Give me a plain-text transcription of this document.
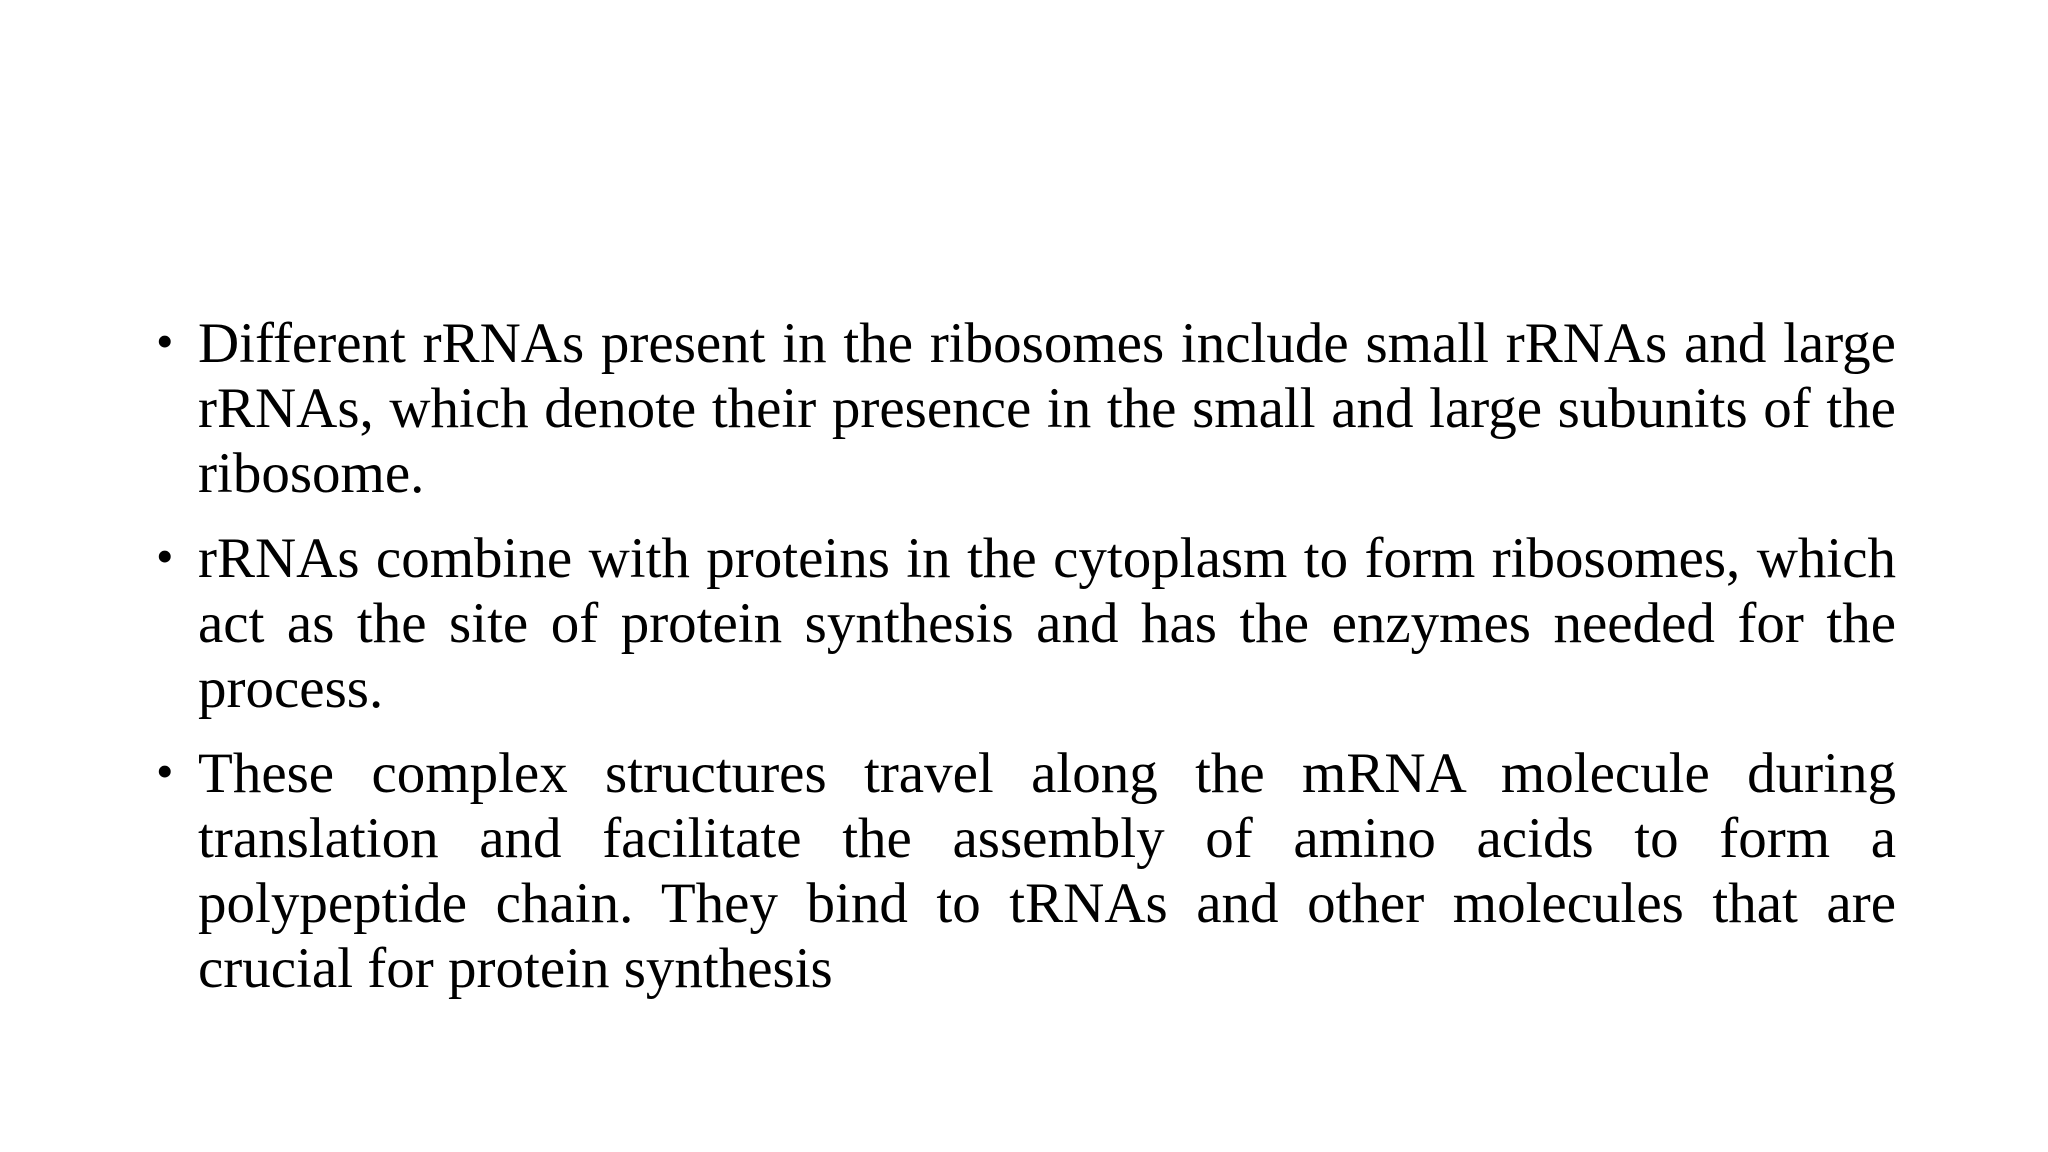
• Different rRNAs present in the ribosomes include small rRNAs and large rRNAs, which denote their presence in the small and large subunits of the ribosome.
• rRNAs combine with proteins in the cytoplasm to form ribosomes, which act as the site of protein synthesis and has the enzymes needed for the process.
• These complex structures travel along the mRNA molecule during translation and facilitate the assembly of amino acids to form a polypeptide chain. They bind to tRNAs and other molecules that are crucial for protein synthesis
